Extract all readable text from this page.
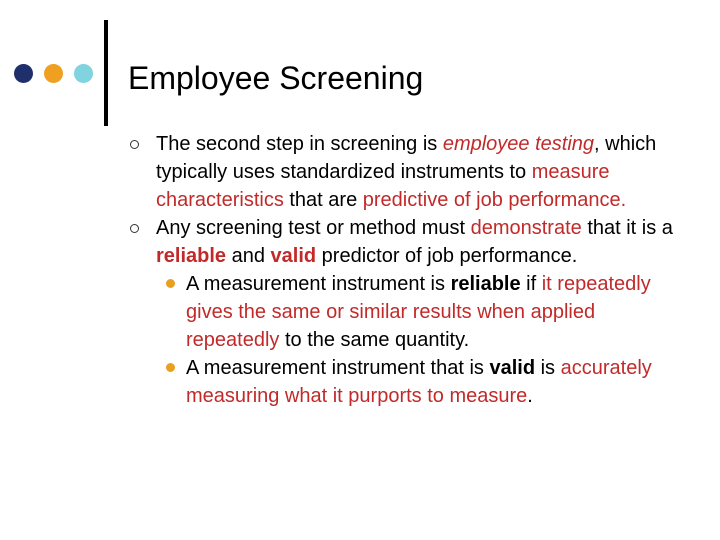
Employee Screening
The second step in screening is employee testing, which typically uses standardized instruments to measure characteristics that are predictive of job performance.
Any screening test or method must demonstrate that it is a reliable and valid predictor of job performance.
A measurement instrument is reliable if it repeatedly gives the same or similar results when applied repeatedly to the same quantity.
A measurement instrument that is valid is accurately measuring what it purports to measure.
